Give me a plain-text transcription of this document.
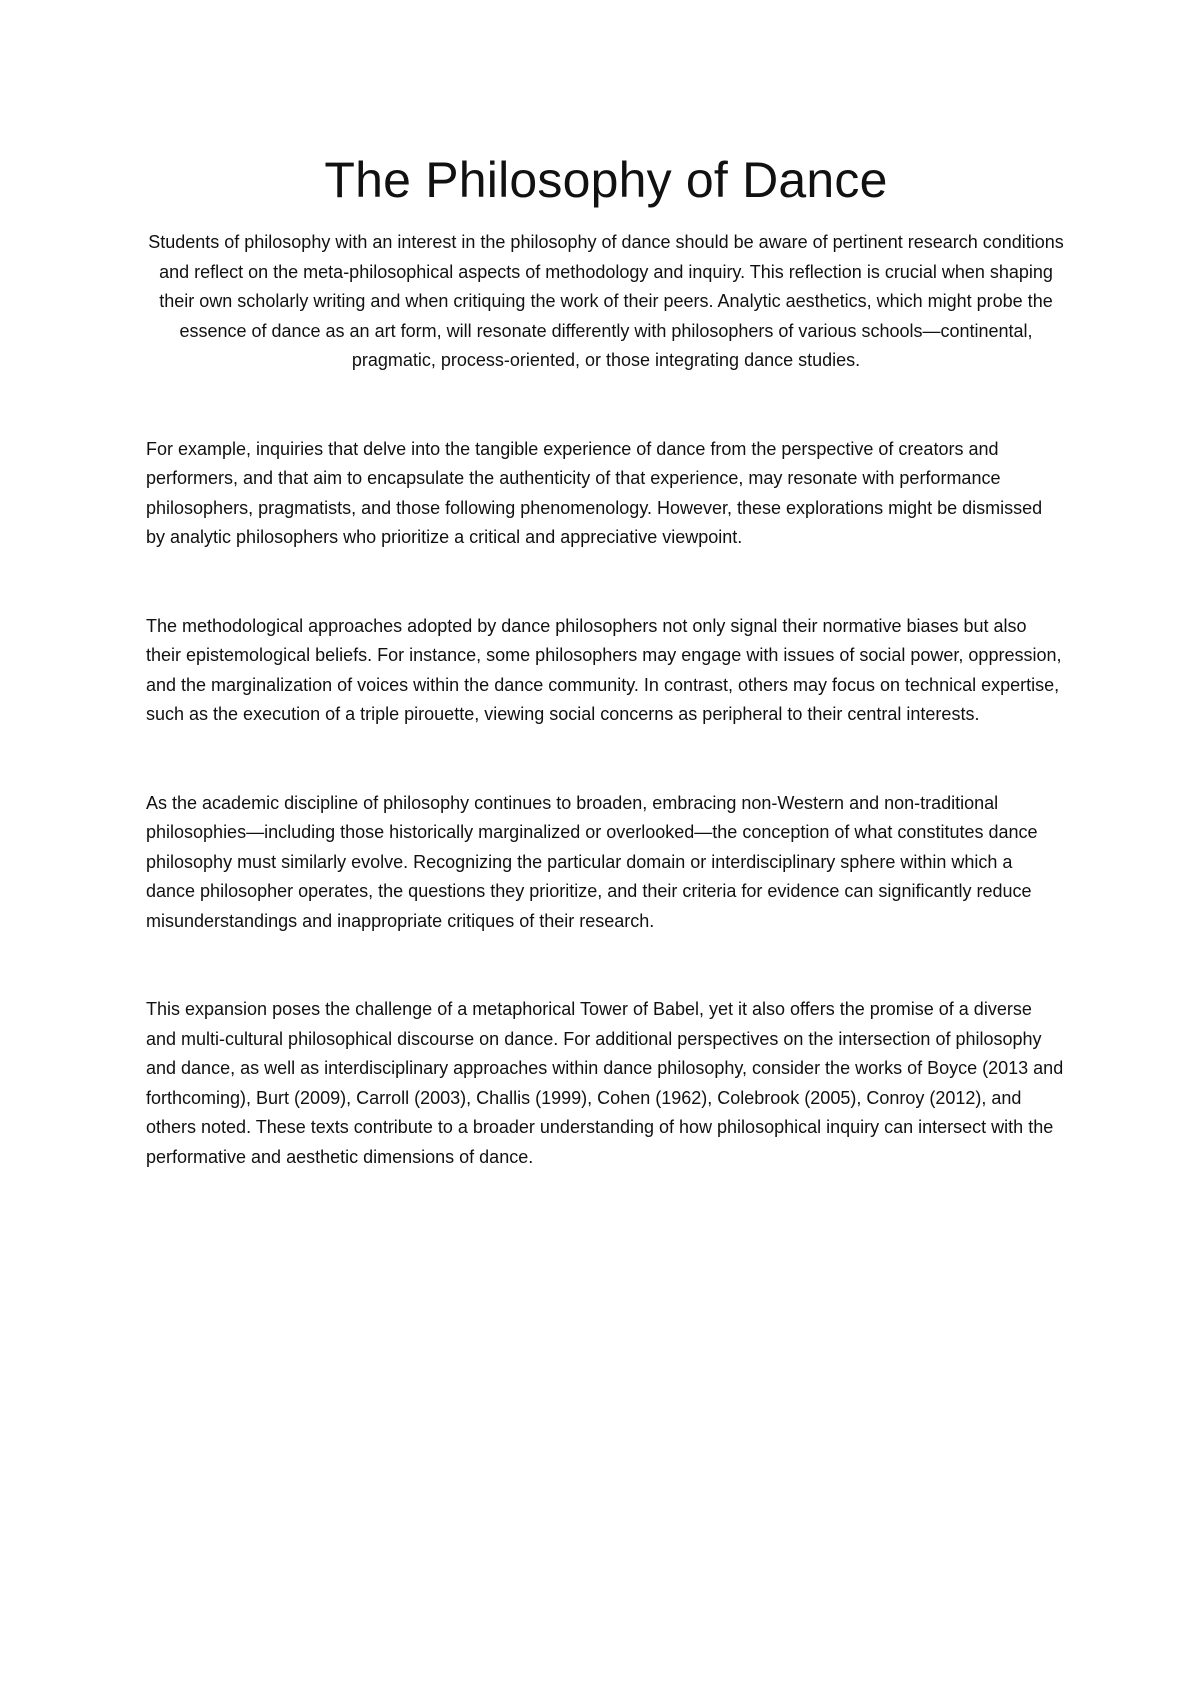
The Philosophy of Dance

Students of philosophy with an interest in the philosophy of dance should be aware of pertinent research conditions and reflect on the meta-philosophical aspects of methodology and inquiry. This reflection is crucial when shaping their own scholarly writing and when critiquing the work of their peers. Analytic aesthetics, which might probe the essence of dance as an art form, will resonate differently with philosophers of various schools—continental, pragmatic, process-oriented, or those integrating dance studies.

For example, inquiries that delve into the tangible experience of dance from the perspective of creators and performers, and that aim to encapsulate the authenticity of that experience, may resonate with performance philosophers, pragmatists, and those following phenomenology. However, these explorations might be dismissed by analytic philosophers who prioritize a critical and appreciative viewpoint.

The methodological approaches adopted by dance philosophers not only signal their normative biases but also their epistemological beliefs. For instance, some philosophers may engage with issues of social power, oppression, and the marginalization of voices within the dance community. In contrast, others may focus on technical expertise, such as the execution of a triple pirouette, viewing social concerns as peripheral to their central interests.

As the academic discipline of philosophy continues to broaden, embracing non-Western and non-traditional philosophies—including those historically marginalized or overlooked—the conception of what constitutes dance philosophy must similarly evolve. Recognizing the particular domain or interdisciplinary sphere within which a dance philosopher operates, the questions they prioritize, and their criteria for evidence can significantly reduce misunderstandings and inappropriate critiques of their research.

This expansion poses the challenge of a metaphorical Tower of Babel, yet it also offers the promise of a diverse and multi-cultural philosophical discourse on dance. For additional perspectives on the intersection of philosophy and dance, as well as interdisciplinary approaches within dance philosophy, consider the works of Boyce (2013 and forthcoming), Burt (2009), Carroll (2003), Challis (1999), Cohen (1962), Colebrook (2005), Conroy (2012), and others noted. These texts contribute to a broader understanding of how philosophical inquiry can intersect with the performative and aesthetic dimensions of dance.
